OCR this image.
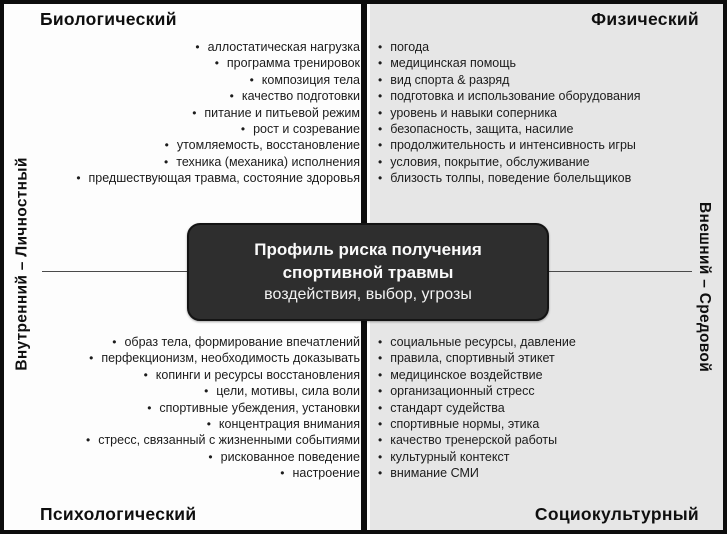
Биологический	Физический
Психологический	Социокультурный
• аллостатическая нагрузка
• программа тренировок
• композиция тела
• качество подготовки
• питание и питьевой режим
• рост и созревание
• утомляемость, восстановление
• техника (механика) исполнения
• предшествующая травма, состояние здоровья
• погода
• медицинская помощь
• вид спорта & разряд
• подготовка и использование оборудования
• уровень и навыки соперника
• безопасность, защита, насилие
• продолжительность и интенсивность игры
• условия, покрытие, обслуживание
• близость толпы, поведение болельщиков
• образ тела, формирование впечатлений
• перфекционизм, необходимость доказывать
• копинги и ресурсы восстановления
• цели, мотивы, сила воли
• спортивные убеждения, установки
• концентрация внимания
• стресс, связанный с жизненными событиями
• рискованное поведение
• настроение
• социальные ресурсы, давление
• правила, спортивный этикет
• медицинское воздействие
• организационный стресс
• стандарт судейства
• спортивные нормы, этика
• качество тренерской работы
• культурный контекст
• внимание СМИ
Внутренний – Личностный	Внешний – Средовой
Профиль риска получения
спортивной травмы
воздействия, выбор, угрозы
